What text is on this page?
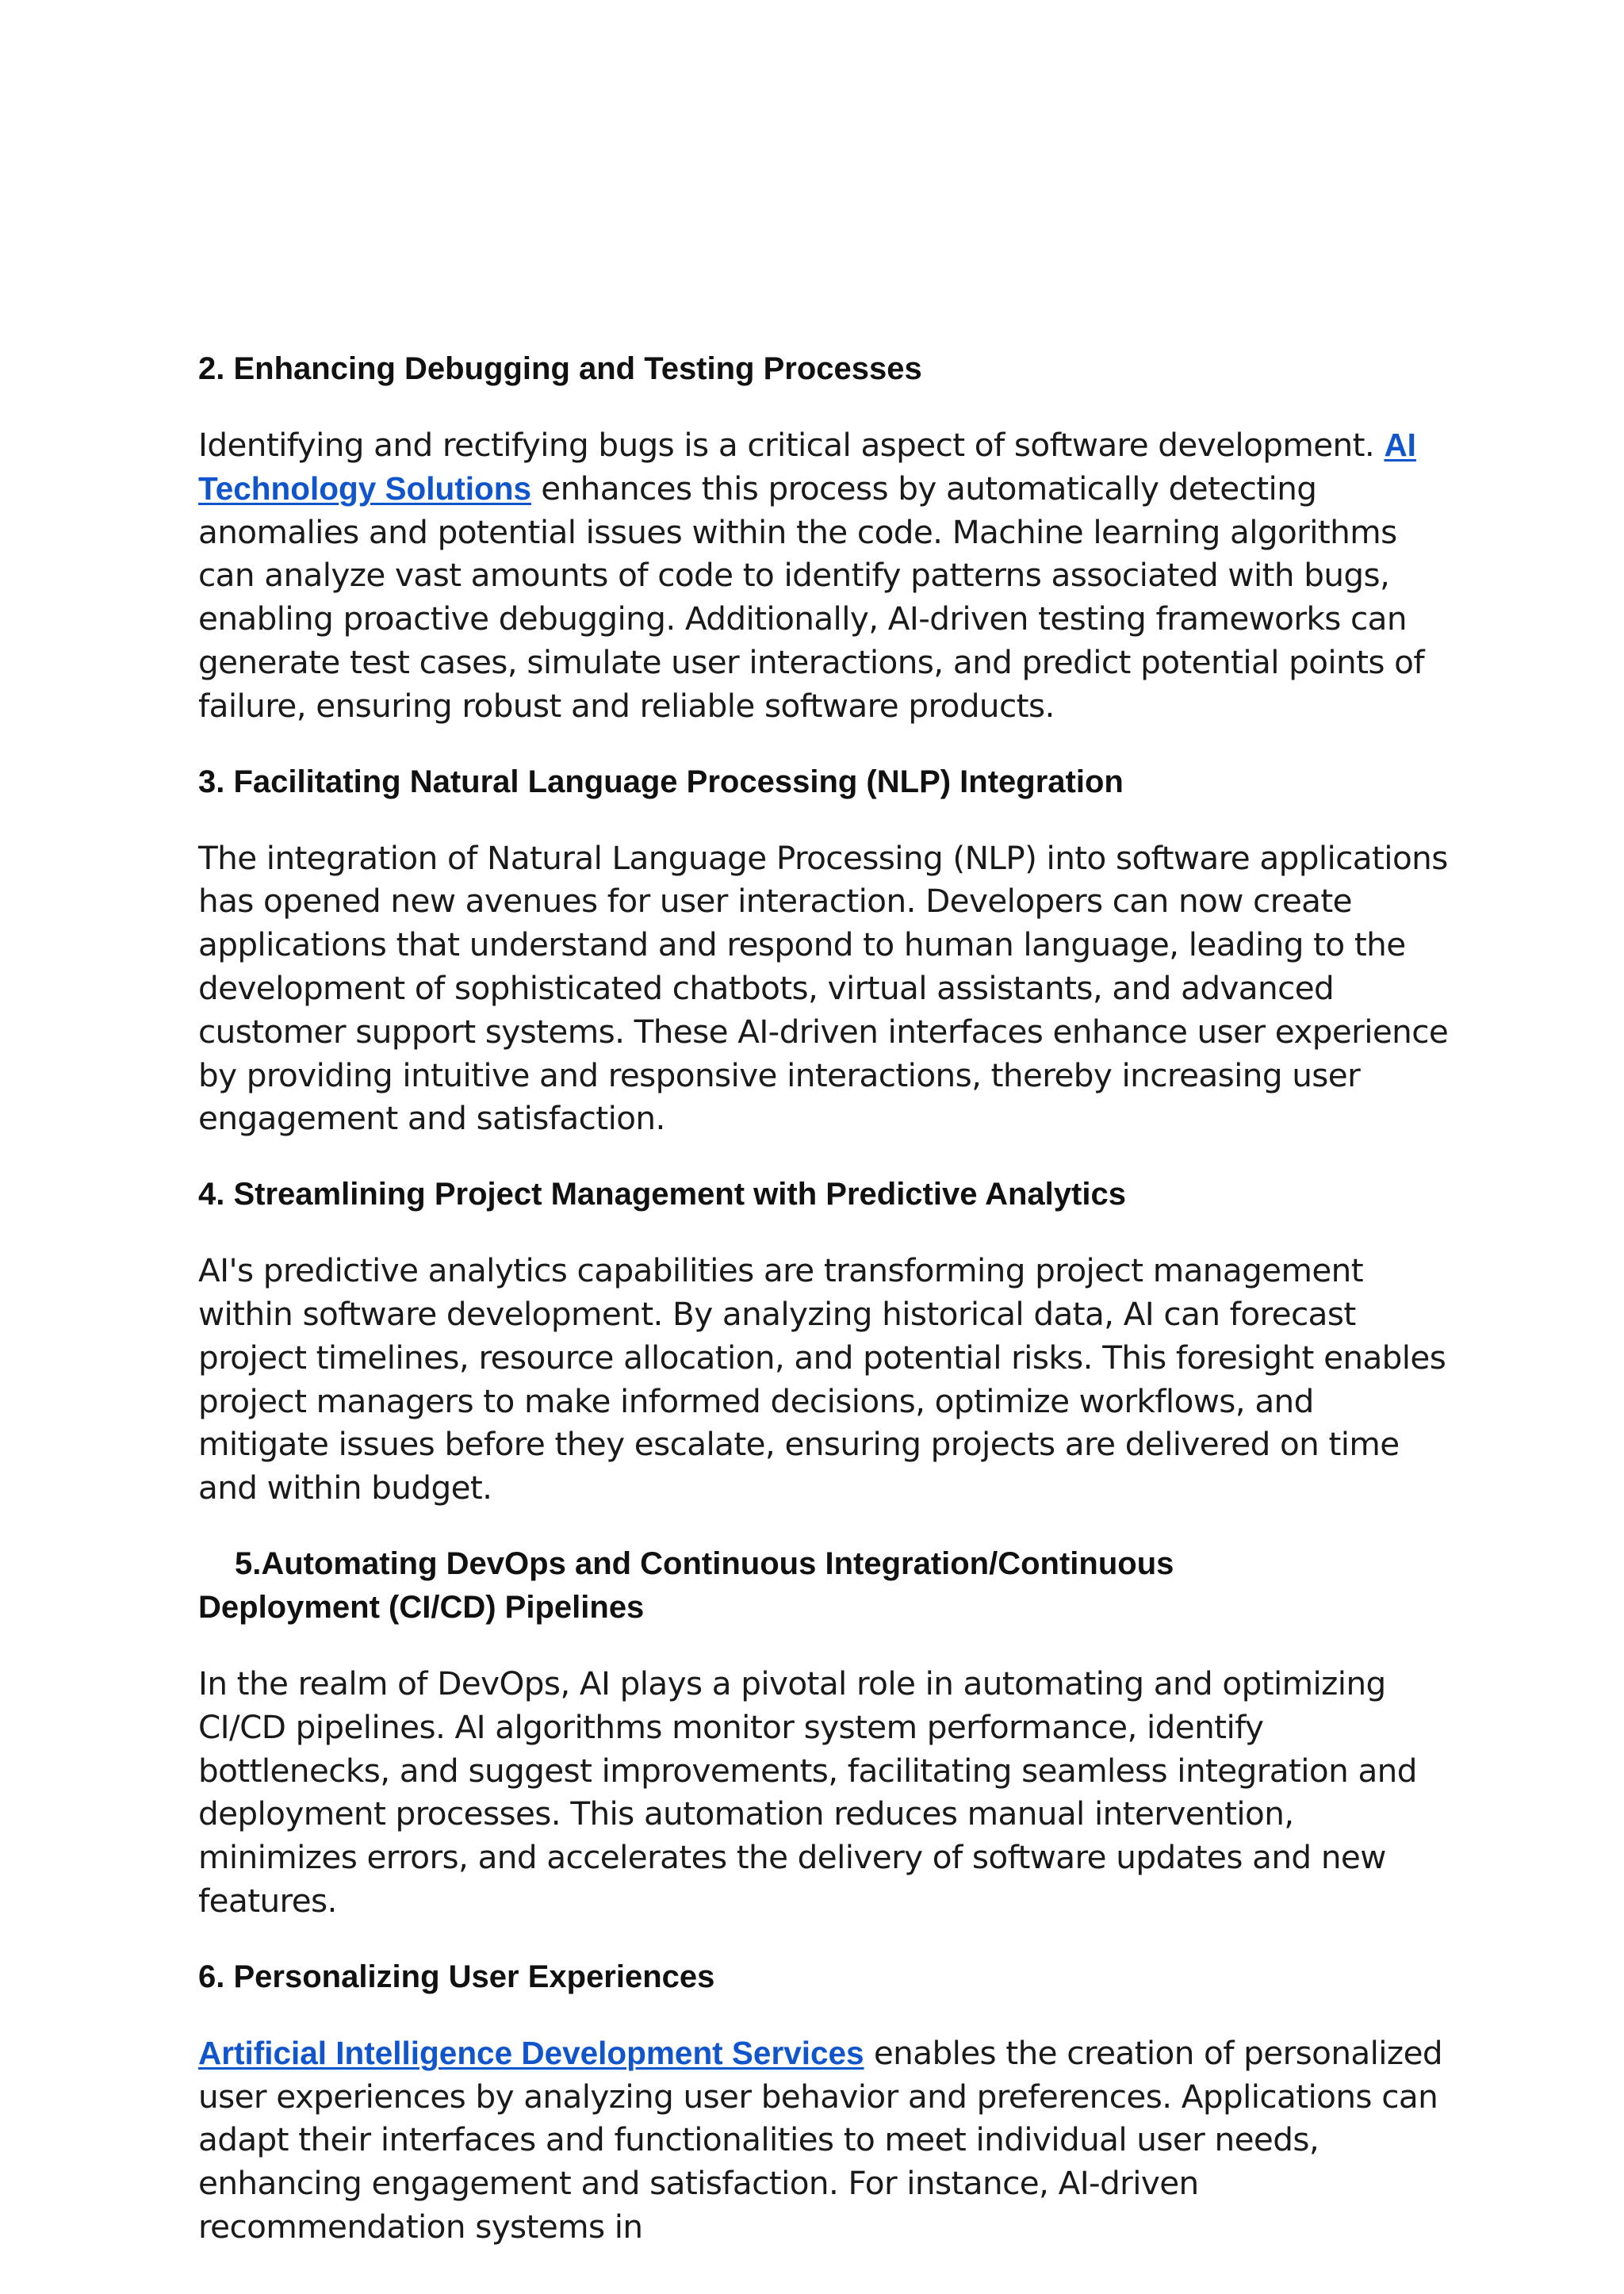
2. Enhancing Debugging and Testing Processes

Identifying and rectifying bugs is a critical aspect of software development. AI Technology Solutions enhances this process by automatically detecting anomalies and potential issues within the code. Machine learning algorithms can analyze vast amounts of code to identify patterns associated with bugs, enabling proactive debugging. Additionally, AI-driven testing frameworks can generate test cases, simulate user interactions, and predict potential points of failure, ensuring robust and reliable software products.

3. Facilitating Natural Language Processing (NLP) Integration

The integration of Natural Language Processing (NLP) into software applications has opened new avenues for user interaction. Developers can now create applications that understand and respond to human language, leading to the development of sophisticated chatbots, virtual assistants, and advanced customer support systems. These AI-driven interfaces enhance user experience by providing intuitive and responsive interactions, thereby increasing user engagement and satisfaction.

4. Streamlining Project Management with Predictive Analytics

AI's predictive analytics capabilities are transforming project management within software development. By analyzing historical data, AI can forecast project timelines, resource allocation, and potential risks. This foresight enables project managers to make informed decisions, optimize workflows, and mitigate issues before they escalate, ensuring projects are delivered on time and within budget.

5.Automating DevOps and Continuous Integration/Continuous
Deployment (CI/CD) Pipelines

In the realm of DevOps, AI plays a pivotal role in automating and optimizing CI/CD pipelines. AI algorithms monitor system performance, identify bottlenecks, and suggest improvements, facilitating seamless integration and deployment processes. This automation reduces manual intervention, minimizes errors, and accelerates the delivery of software updates and new features.

6. Personalizing User Experiences

Artificial Intelligence Development Services enables the creation of personalized user experiences by analyzing user behavior and preferences. Applications can adapt their interfaces and functionalities to meet individual user needs, enhancing engagement and satisfaction. For instance, AI-driven recommendation systems in
